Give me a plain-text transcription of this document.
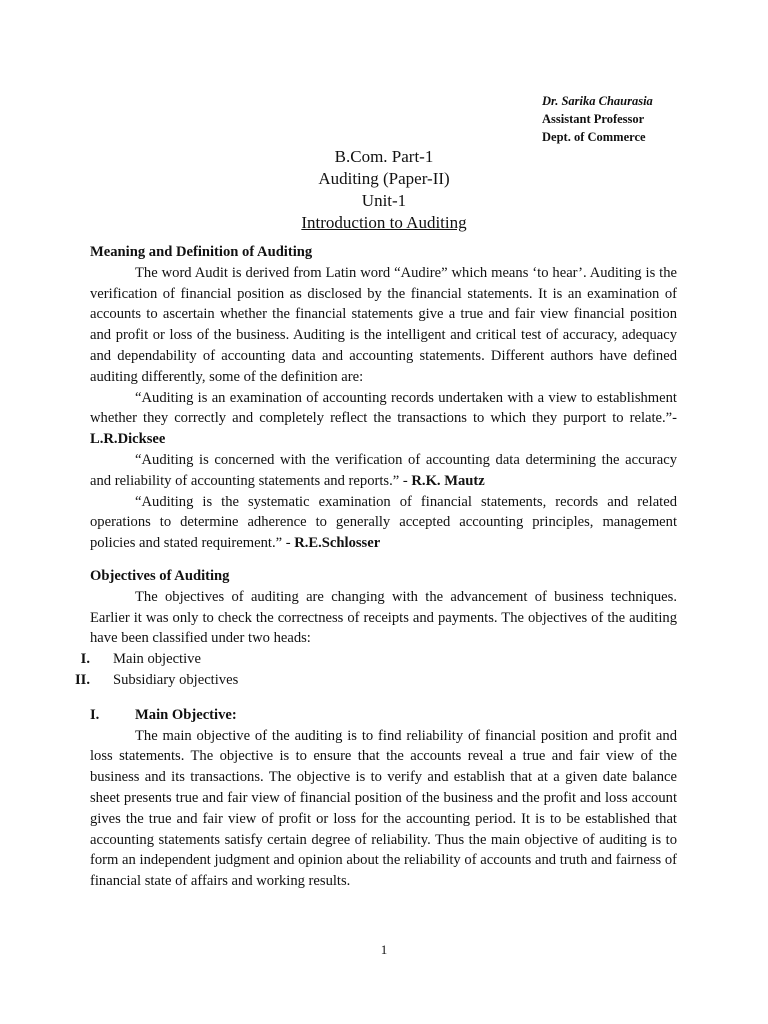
Dr. Sarika Chaurasia
Assistant Professor
Dept. of Commerce
B.Com. Part-1
Auditing (Paper-II)
Unit-1
Introduction to Auditing
Meaning and Definition of Auditing

The word Audit is derived from Latin word “Audire” which means ‘to hear’. Auditing is the verification of financial position as disclosed by the financial statements. It is an examination of accounts to ascertain whether the financial statements give a true and fair view financial position and profit or loss of the business. Auditing is the intelligent and critical test of accuracy, adequacy and dependability of accounting data and accounting statements. Different authors have defined auditing differently, some of the definition are:

“Auditing is an examination of accounting records undertaken with a view to establishment whether they correctly and completely reflect the transactions to which they purport to relate.”-L.R.Dicksee

“Auditing is concerned with the verification of accounting data determining the accuracy and reliability of accounting statements and reports.” - R.K. Mautz

“Auditing is the systematic examination of financial statements, records and related operations to determine adherence to generally accepted accounting principles, management policies and stated requirement.” - R.E.Schlosser

Objectives of Auditing

The objectives of auditing are changing with the advancement of business techniques. Earlier it was only to check the correctness of receipts and payments. The objectives of the auditing have been classified under two heads:

I. Main objective
II. Subsidiary objectives
I. Main Objective:

The main objective of the auditing is to find reliability of financial position and profit and loss statements. The objective is to ensure that the accounts reveal a true and fair view of the business and its transactions. The objective is to verify and establish that at a given date balance sheet presents true and fair view of financial position of the business and the profit and loss account gives the true and fair view of profit or loss for the accounting period. It is to be established that accounting statements satisfy certain degree of reliability. Thus the main objective of auditing is to form an independent judgment and opinion about the reliability of accounts and truth and fairness of financial state of affairs and working results.

1
